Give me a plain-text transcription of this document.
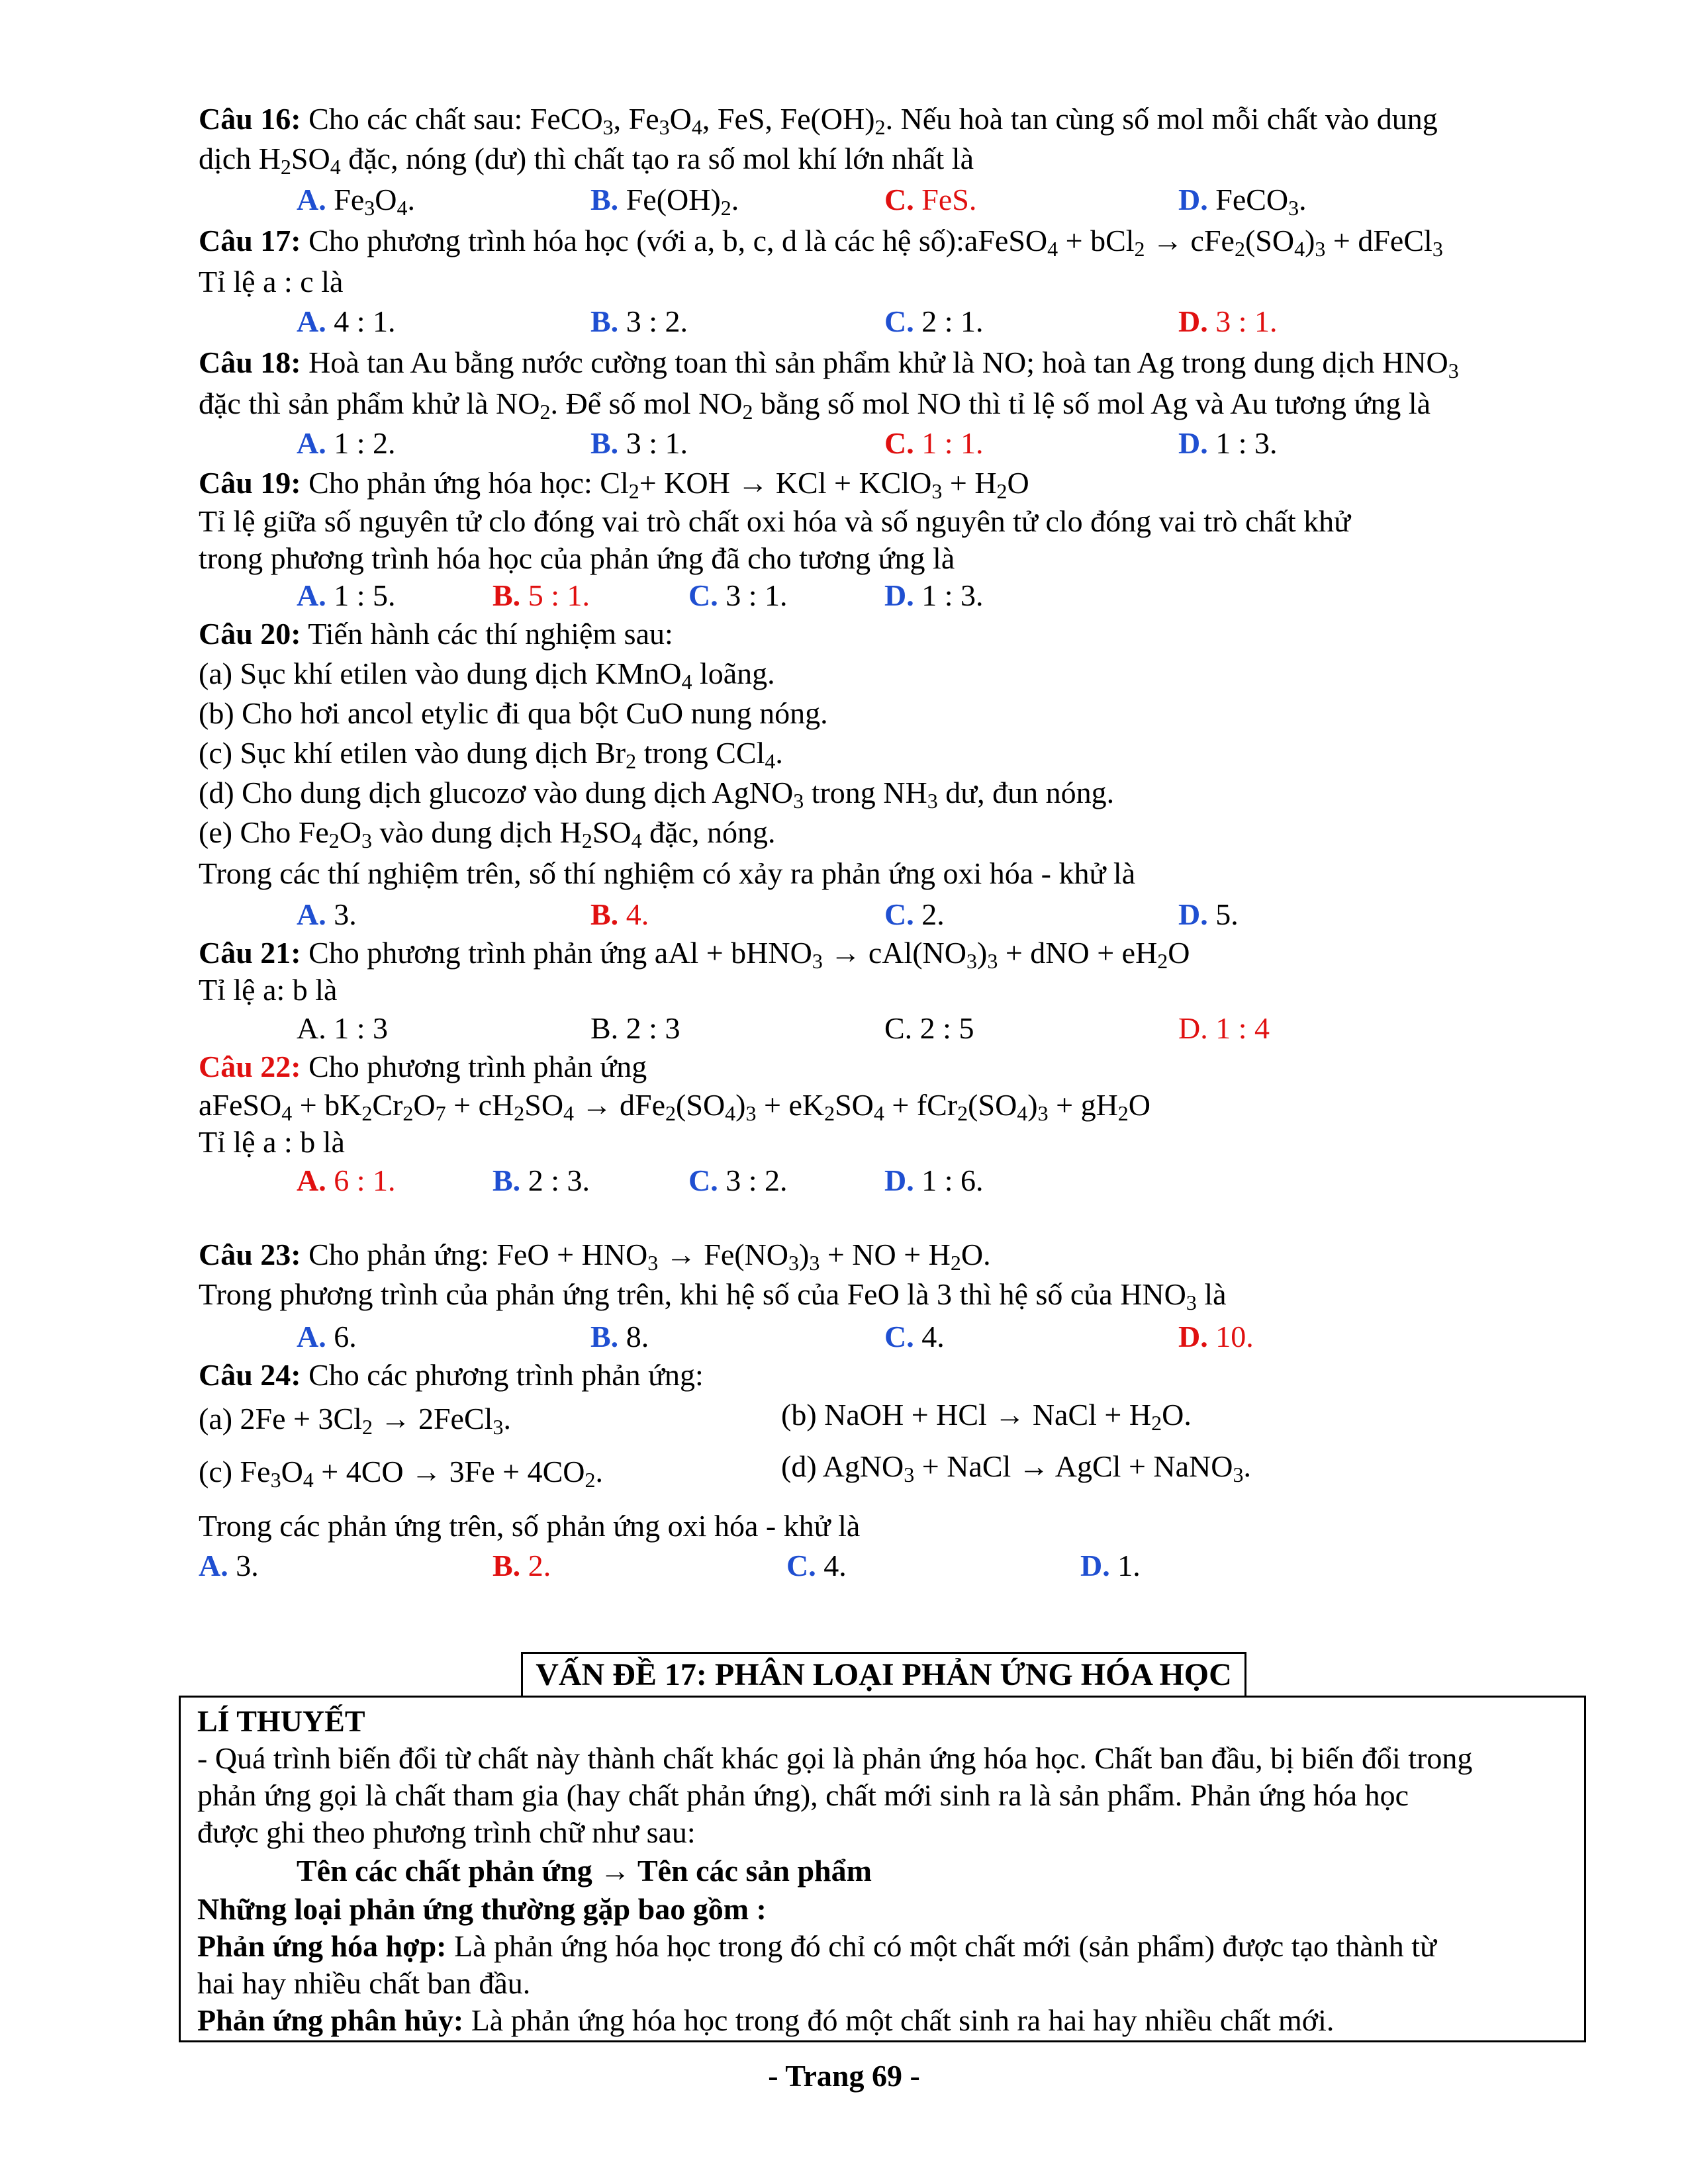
Câu 16: Cho các chất sau: FeCO$_3$, $Fe_3O_4$, FeS, $Fe(OH)_2$. Nếu hoà tan cùng số mol mỗi chất vào dung
dịch $H_2SO_4$ đặc, nóng (dư) thì chất tạo ra số mol khí lớn nhất là
A. $Fe_3O_4$.	B. $Fe(OH)_2$.	C. FeS.	D. FeCO$_3$.
Câu 17: Cho phương trình hóa học (với a, b, c, d là các hệ số):aFeSO$_4$ + $bCl_2 \to cFe_2(SO_4)_3$ + dFeCl$_3$
Tỉ lệ a : c là
A. 4 : 1.	B. 3 : 2.	C. 2 : 1.	D. 3 : 1.
Câu 18: Hoà tan Au bằng nước cường toan thì sản phẩm khử là NO; hoà tan Ag trong dung dịch $HNO_3$
đặc thì sản phẩm khử là $NO_2$. Để số mol $NO_2$ bằng số mol NO thì tỉ lệ số mol Ag và Au tương ứng là
A. 1 : 2.	B. 3 : 1.	C. 1 : 1.	D. 1 : 3.
Câu 19: Cho phản ứng hóa học: $Cl_2+$ KOH → KCl + KClO$_3$ + $H_2O$
Tỉ lệ giữa số nguyên tử clo đóng vai trò chất oxi hóa và số nguyên tử clo đóng vai trò chất khử
trong phương trình hóa học của phản ứng đã cho tương ứng là
A. 1 : 5.	B. 5 : 1.	C. 3 : 1.	D. 1 : 3.
Câu 20: Tiến hành các thí nghiệm sau:
(a) Sục khí etilen vào dung dịch KMnO$_4$ loãng.
(b) Cho hơi ancol etylic đi qua bột CuO nung nóng.
(c) Sục khí etilen vào dung dịch $Br_2$ trong CCl$_4$.
(d) Cho dung dịch glucozơ vào dung dịch AgNO$_3$ trong $NH_3$ dư, đun nóng.
(e) Cho $Fe_2O_3$ vào dung dịch $H_2SO_4$ đặc, nóng.
Trong các thí nghiệm trên, số thí nghiệm có xảy ra phản ứng oxi hóa - khử là
A. 3.	B. 4.	C. 2.	D. 5.
Câu 21: Cho phương trình phản ứng aAl + bHNO$_3$ → $cAl(NO_3)_3$ + dNO + $eH_2O$
Tỉ lệ a: b là
A. 1 : 3	B. 2 : 3	C. 2 : 5	D. 1 : 4
Câu 22: Cho phương trình phản ứng
aFeSO$_4$ + $bK_2Cr_2O_7 + cH_2SO_4 \to dFe_2(SO_4)_3 + eK_2SO_4 + fCr_2(SO_4)_3 + gH_2O$
Tỉ lệ a : b là
A. 6 : 1.	B. 2 : 3.	C. 3 : 2.	D. 1 : 6.
Câu 23: Cho phản ứng: FeO + $HNO_3 \to Fe(NO_3)_3$ + NO + $H_2O$.
Trong phương trình của phản ứng trên, khi hệ số của FeO là 3 thì hệ số của $HNO_3$ là
A. 6.	B. 8.	C. 4.	D. 10.
Câu 24: Cho các phương trình phản ứng:
(a) $2Fe + 3Cl_2$ → 2FeCl$_3$.	(b) NaOH + HCl → NaCl + $H_2O$.
(c) $Fe_3O_4 + 4CO \to 3Fe + 4CO_2$.	(d) AgNO$_3$ + NaCl → AgCl + NaNO$_3$.
Trong các phản ứng trên, số phản ứng oxi hóa - khử là
A. 3.	B. 2.	C. 4.	D. 1.
VẤN ĐỀ 17: PHÂN LOẠI PHẢN ỨNG HÓA HỌC
LÍ THUYẾT
- Quá trình biến đổi từ chất này thành chất khác gọi là phản ứng hóa học. Chất ban đầu, bị biến đổi trong
phản ứng gọi là chất tham gia (hay chất phản ứng), chất mới sinh ra là sản phẩm. Phản ứng hóa học
được ghi theo phương trình chữ như sau:
Tên các chất phản ứng → Tên các sản phẩm
Những loại phản ứng thường gặp bao gồm :
Phản ứng hóa hợp: Là phản ứng hóa học trong đó chỉ có một chất mới (sản phẩm) được tạo thành từ
hai hay nhiều chất ban đầu.
Phản ứng phân hủy: Là phản ứng hóa học trong đó một chất sinh ra hai hay nhiều chất mới.
- Trang 69 -
